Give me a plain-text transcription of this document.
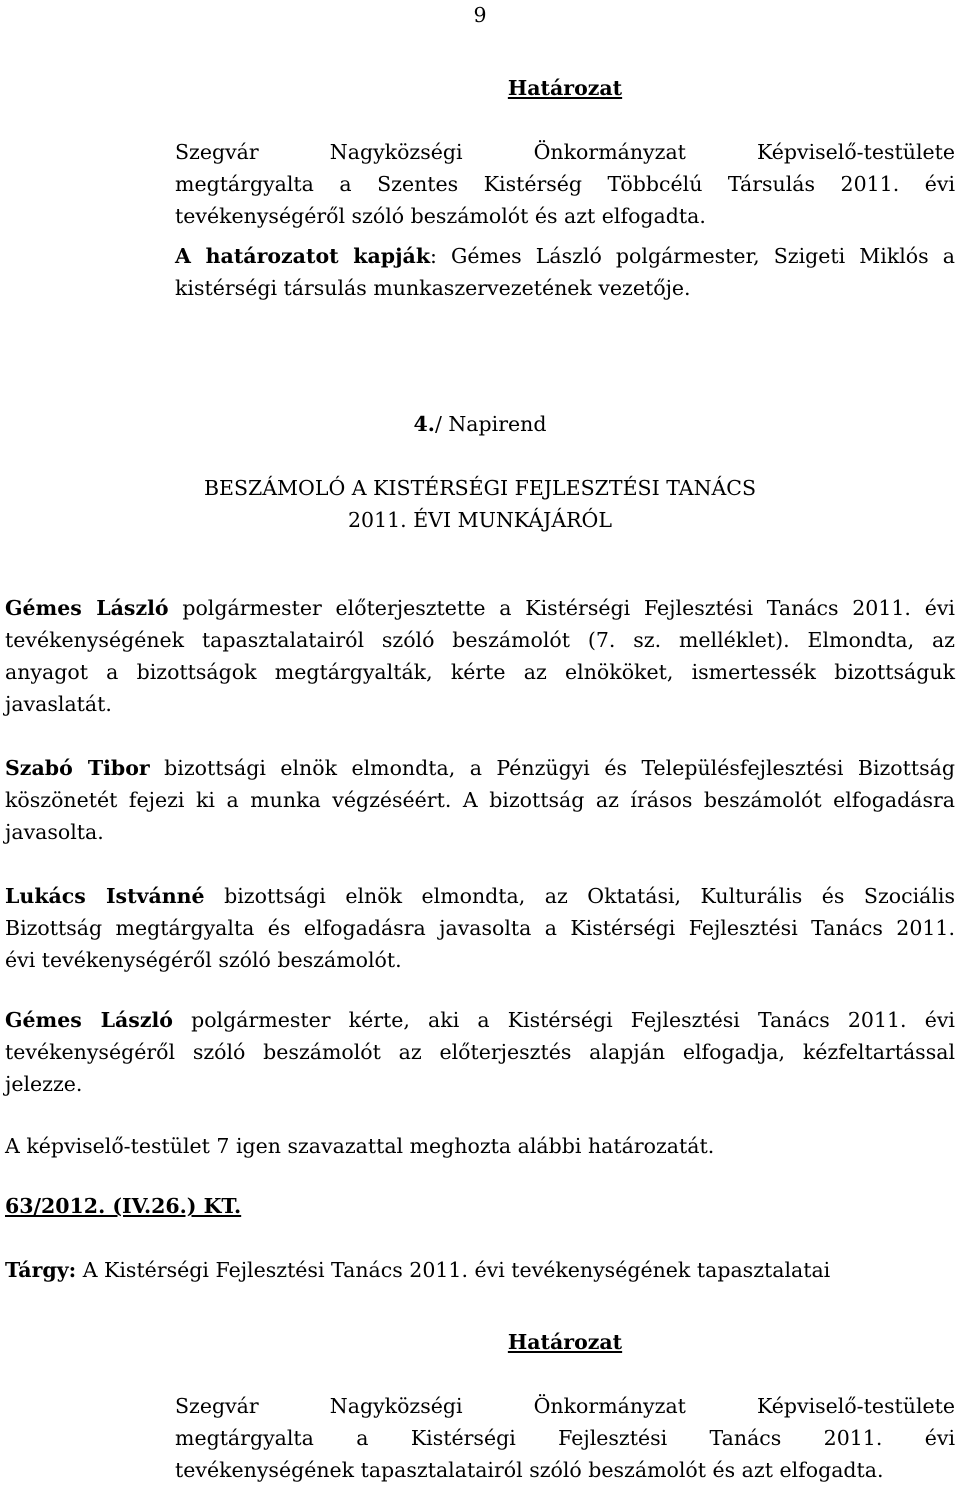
9
Határozat
Szegvár Nagyközségi Önkormányzat Képviselő-testülete
megtárgyalta a Szentes Kistérség Többcélú Társulás 2011. évi
tevékenységéről szóló beszámolót és azt elfogadta.
A határozatot kapják: Gémes László polgármester, Szigeti Miklós a
kistérségi társulás munkaszervezetének vezetője.
4./ Napirend
BESZÁMOLÓ A KISTÉRSÉGI FEJLESZTÉSI TANÁCS
2011. ÉVI MUNKÁJÁRÓL
Gémes László polgármester előterjesztette a Kistérségi Fejlesztési Tanács 2011. évi
tevékenységének tapasztalatairól szóló beszámolót (7. sz. melléklet). Elmondta, az
anyagot a bizottságok megtárgyalták, kérte az elnököket, ismertessék bizottságuk
javaslatát.
Szabó Tibor bizottsági elnök elmondta, a Pénzügyi és Településfejlesztési Bizottság
köszönetét fejezi ki a munka végzéséért. A bizottság az írásos beszámolót elfogadásra
javasolta.
Lukács Istvánné bizottsági elnök elmondta, az Oktatási, Kulturális és Szociális
Bizottság megtárgyalta és elfogadásra javasolta a Kistérségi Fejlesztési Tanács 2011.
évi tevékenységéről szóló beszámolót.
Gémes László polgármester kérte, aki a Kistérségi Fejlesztési Tanács 2011. évi
tevékenységéről szóló beszámolót az előterjesztés alapján elfogadja, kézfeltartással
jelezze.
A képviselő-testület 7 igen szavazattal meghozta alábbi határozatát.
63/2012. (IV.26.) KT.
Tárgy: A Kistérségi Fejlesztési Tanács 2011. évi tevékenységének tapasztalatai
Határozat
Szegvár Nagyközségi Önkormányzat Képviselő-testülete
megtárgyalta a Kistérségi Fejlesztési Tanács 2011. évi
tevékenységének tapasztalatairól szóló beszámolót és azt elfogadta.
